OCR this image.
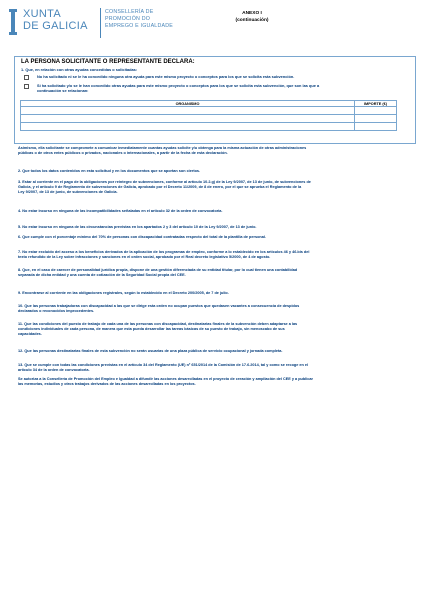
XUNTA
DE GALICIA
CONSELLERÍA DE
PROMOCIÓN DO
EMPREGO E IGUALDADE
ANEXO I
(continuación)
LA PERSONA SOLICITANTE O REPRESENTANTE DECLARA:
1. Que, en relación con otras ayudas concedidas o solicitadas:
No ha solicitado ni se le ha concedido ninguna otra ayuda para este mismo proyecto o conceptos para los que se solicita esta subvención.
Sí ha solicitado y/o se le han concedido otras ayudas para este mismo proyecto o conceptos para los que se solicita esta subvención, que son las que a
continuación se relacionan:
ORGANISMO	IMPORTE (€)

Asimismo, ella solicitante se compromete a comunicar inmediatamente cuantas ayudas solicite y/u obtenga para la misma actuación de otras administraciones
públicas o de otros entes públicos o privados, nacionales o internacionales, a partir de la fecha de esta declaración.
2. Que todos los datos contenidos en esta solicitud y en los documentos que se aportan son ciertos.
3. Estar al corriente en el pago de la obligaciones por reintegro de subvenciones, conforme al artículo 10.2.g) de la Ley 9/2007, de 13 de junio, de subvenciones de
Galicia, y el artículo 9 de Reglamento de subvenciones de Galicia, aprobado por el Decreto 11/2009, de 8 de enero, por el que se aprueba el Reglamento de la
Ley 9/2007, de 13 de junio, de subvenciones de Galicia.
4. No estar incurso en ninguna de las incompatibilidades señaladas en el artículo 32 de la orden de convocatoria.
5. No estar incurso en ninguna de las circunstancias previstas en los apartados 2 y 3 del artículo 10 de la Ley 9/2007, de 13 de junio.
6. Que cumple con el porcentaje mínimo del 70% de personas con discapacidad contratadas respecto del total de la plantilla de personal.
7. No estar excluido del acceso a los beneficios derivados de la aplicación de los programas de empleo, conforme a lo establecido en los artículos 46 y 46.bis del
texto refundido de la Ley sobre infracciones y sanciones en el orden social, aprobado por el Real decreto legislativo 5/2000, de 4 de agosto.
8. Que, en el caso de carecer de personalidad jurídica propia, dispone de una gestión diferenciada de su entidad titular, por lo cual tienen una contabilidad
separada de dicha entidad y una cuenta de cotización de la Seguridad Social propia del CEE.
9. Encontrarse al corriente en las obligaciones registrales, según lo establecido en el Decreto 200/2005, de 7 de julio.
10. Que las personas trabajadoras con discapacidad a las que se dirige esta orden no ocupan puestos que quedasen vacantes a consecuencia de despidos
declarados o reconocidos improcedentes.
11. Que las condiciones del puesto de trabajo de cada una de las personas con discapacidad, destinatarias finales de la subvención deben adaptarse a las
condiciones individuales de cada persona, de manera que esta pueda desarrollar las tareas básicas de su puesto de trabajo, sin menoscabo de sus
capacidades.
12. Que las personas destinatarias finales de esta subvención no serán usuarias de una plaza pública de servicio ocupacional y jornada completa.
13. Que se cumple con todas las condiciones previstas en el artículo 34 del Reglamento (UE) nº 651/2014 de la Comisión de 17.6.2014, tal y como se recoge en el
artículo 34 de la orden de convocatoria.
Se autoriza a la Consellería de Promoción del Empleo e Igualdad a difundir las acciones desarrolladas en el proyecto de creación y ampliación del CEE y a publicar
las memorias, estudios y otros trabajos derivados de las acciones desarrolladas en los proyectos.
